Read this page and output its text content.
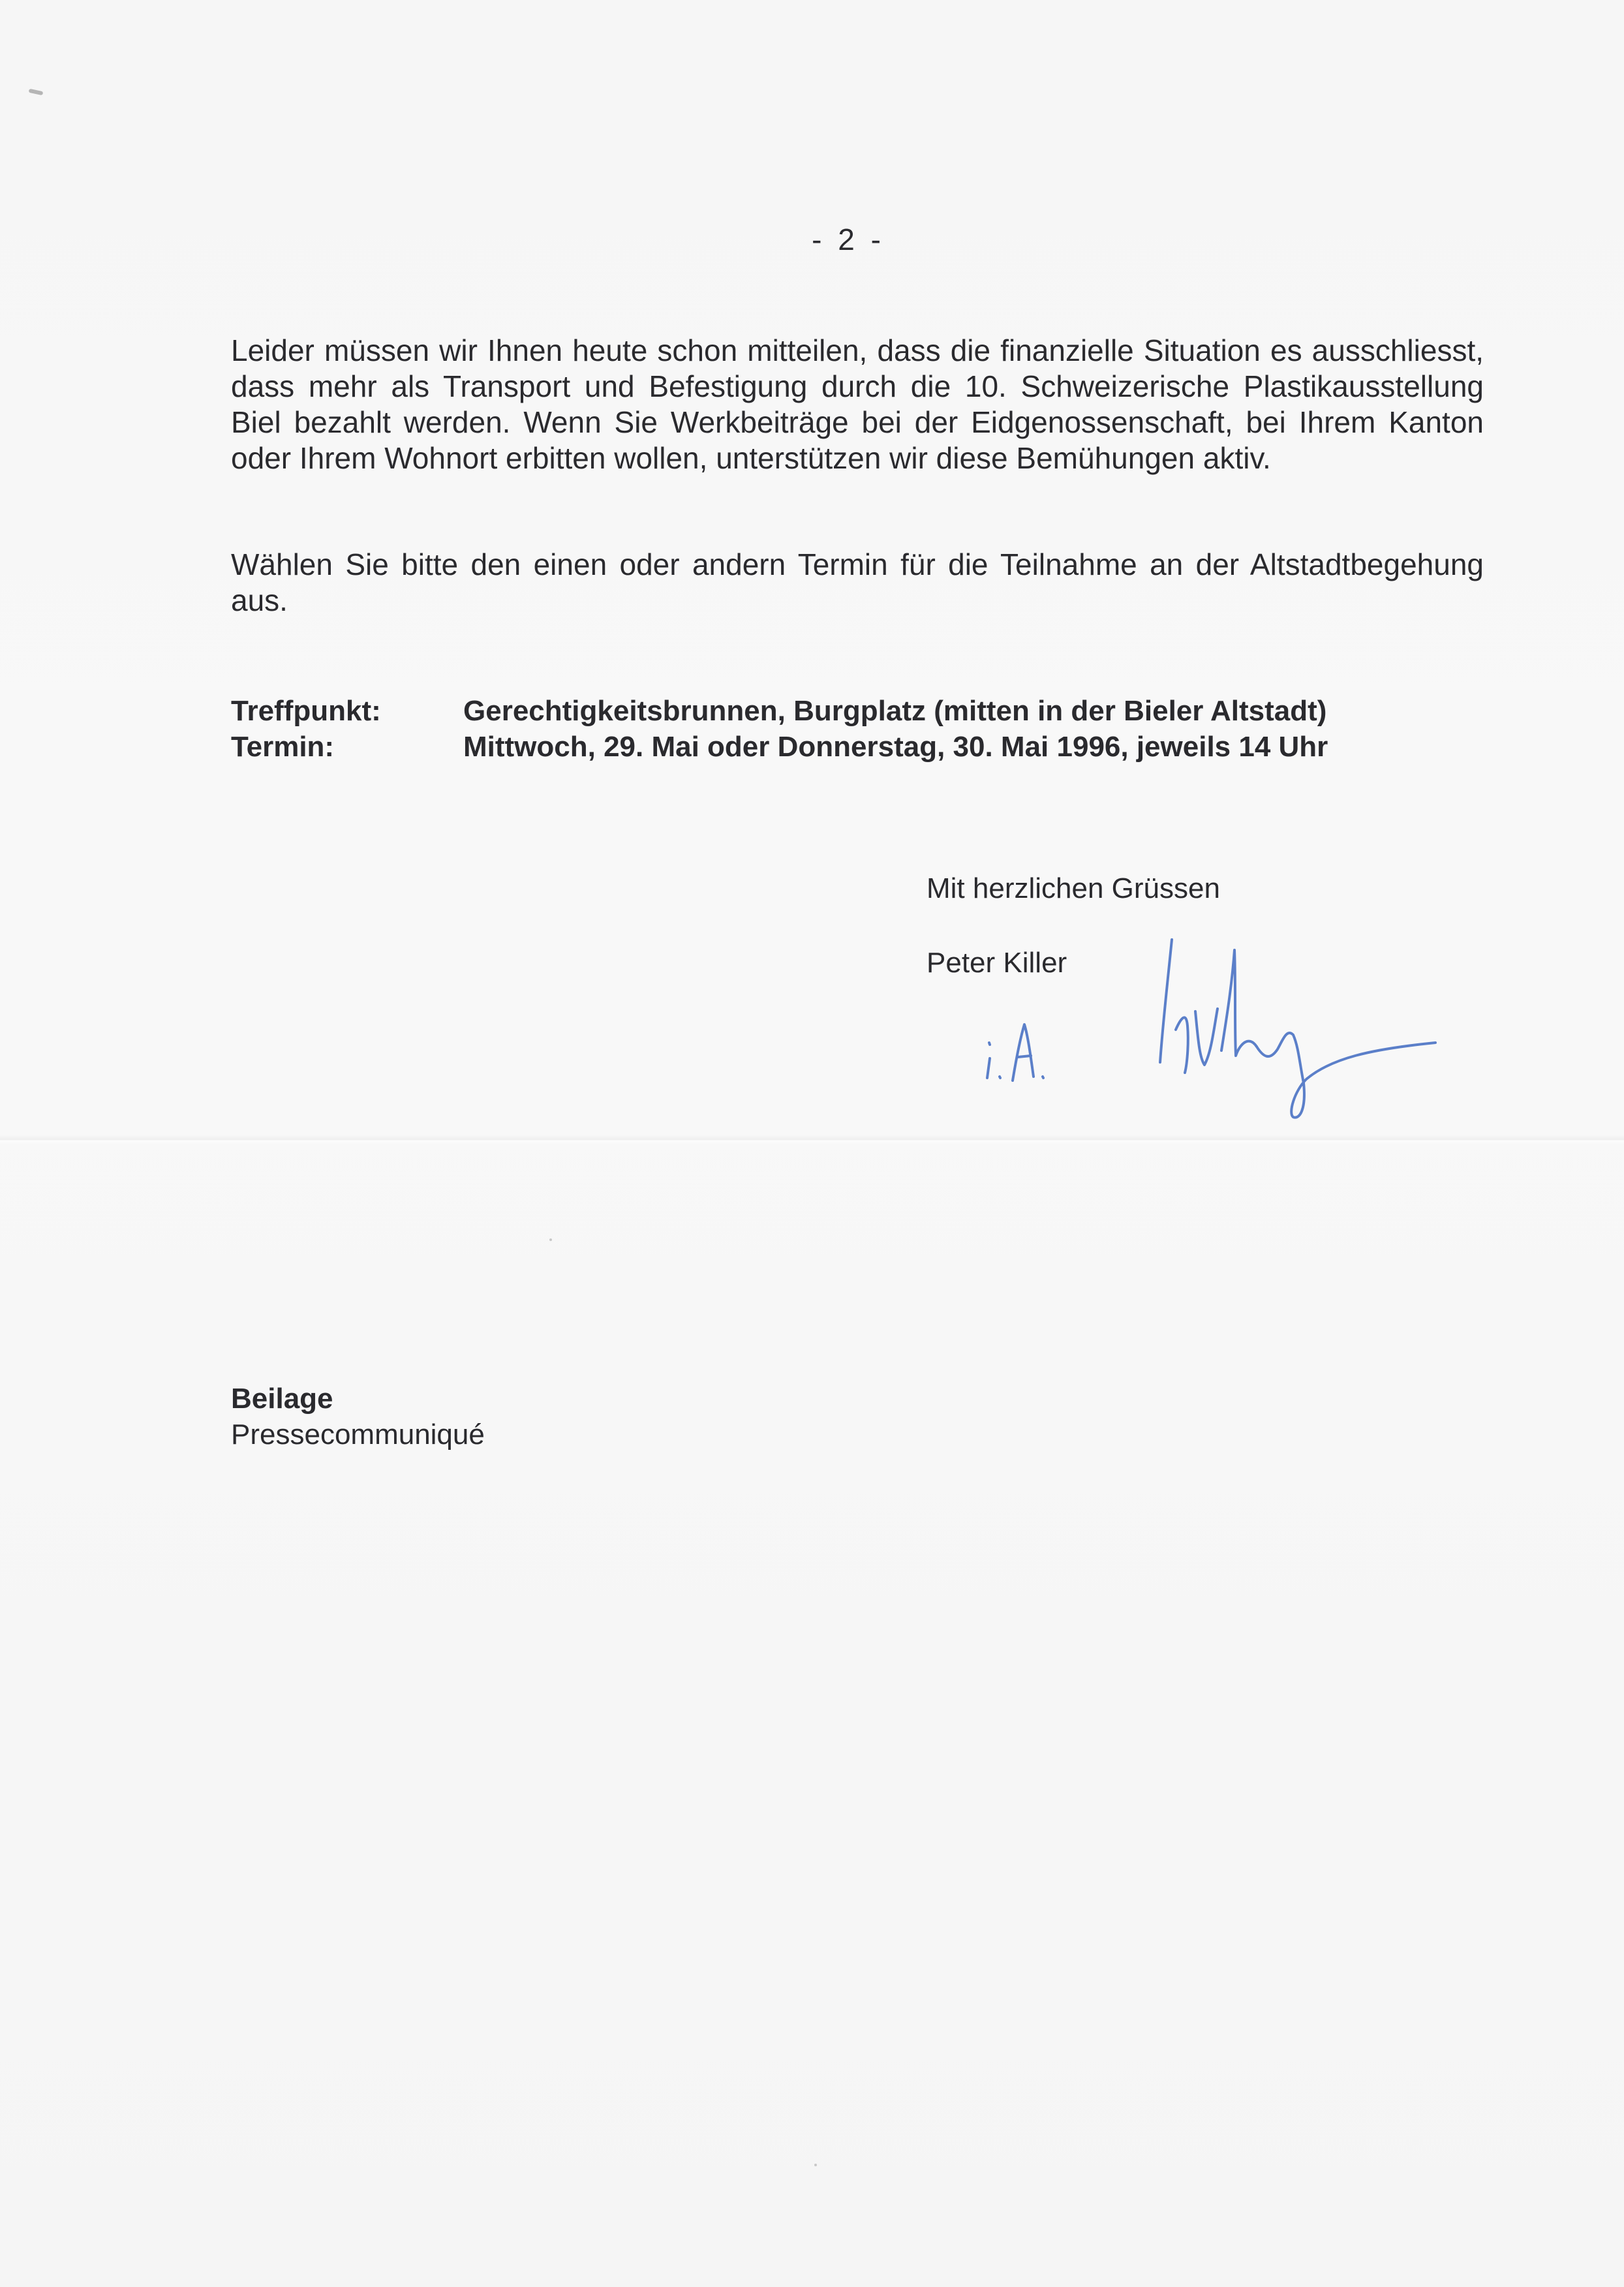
- 2 -

Leider müssen wir Ihnen heute schon mitteilen, dass die finanzielle Situation es ausschliesst, dass mehr als Transport und Befestigung durch die 10. Schweizerische Plastikausstellung Biel bezahlt werden. Wenn Sie Werkbeiträge bei der Eidgenossenschaft, bei Ihrem Kanton oder Ihrem Wohnort erbitten wollen, unterstützen wir diese Bemühungen aktiv.

Wählen Sie bitte den einen oder andern Termin für die Teilnahme an der Altstadtbegehung aus.

Treffpunkt:	Gerechtigkeitsbrunnen, Burgplatz (mitten in der Bieler Altstadt)
Termin:	Mittwoch, 29. Mai oder Donnerstag, 30. Mai 1996, jeweils 14 Uhr
Mit herzlichen Grüssen
Peter Killer
Beilage
Pressecommuniqué
